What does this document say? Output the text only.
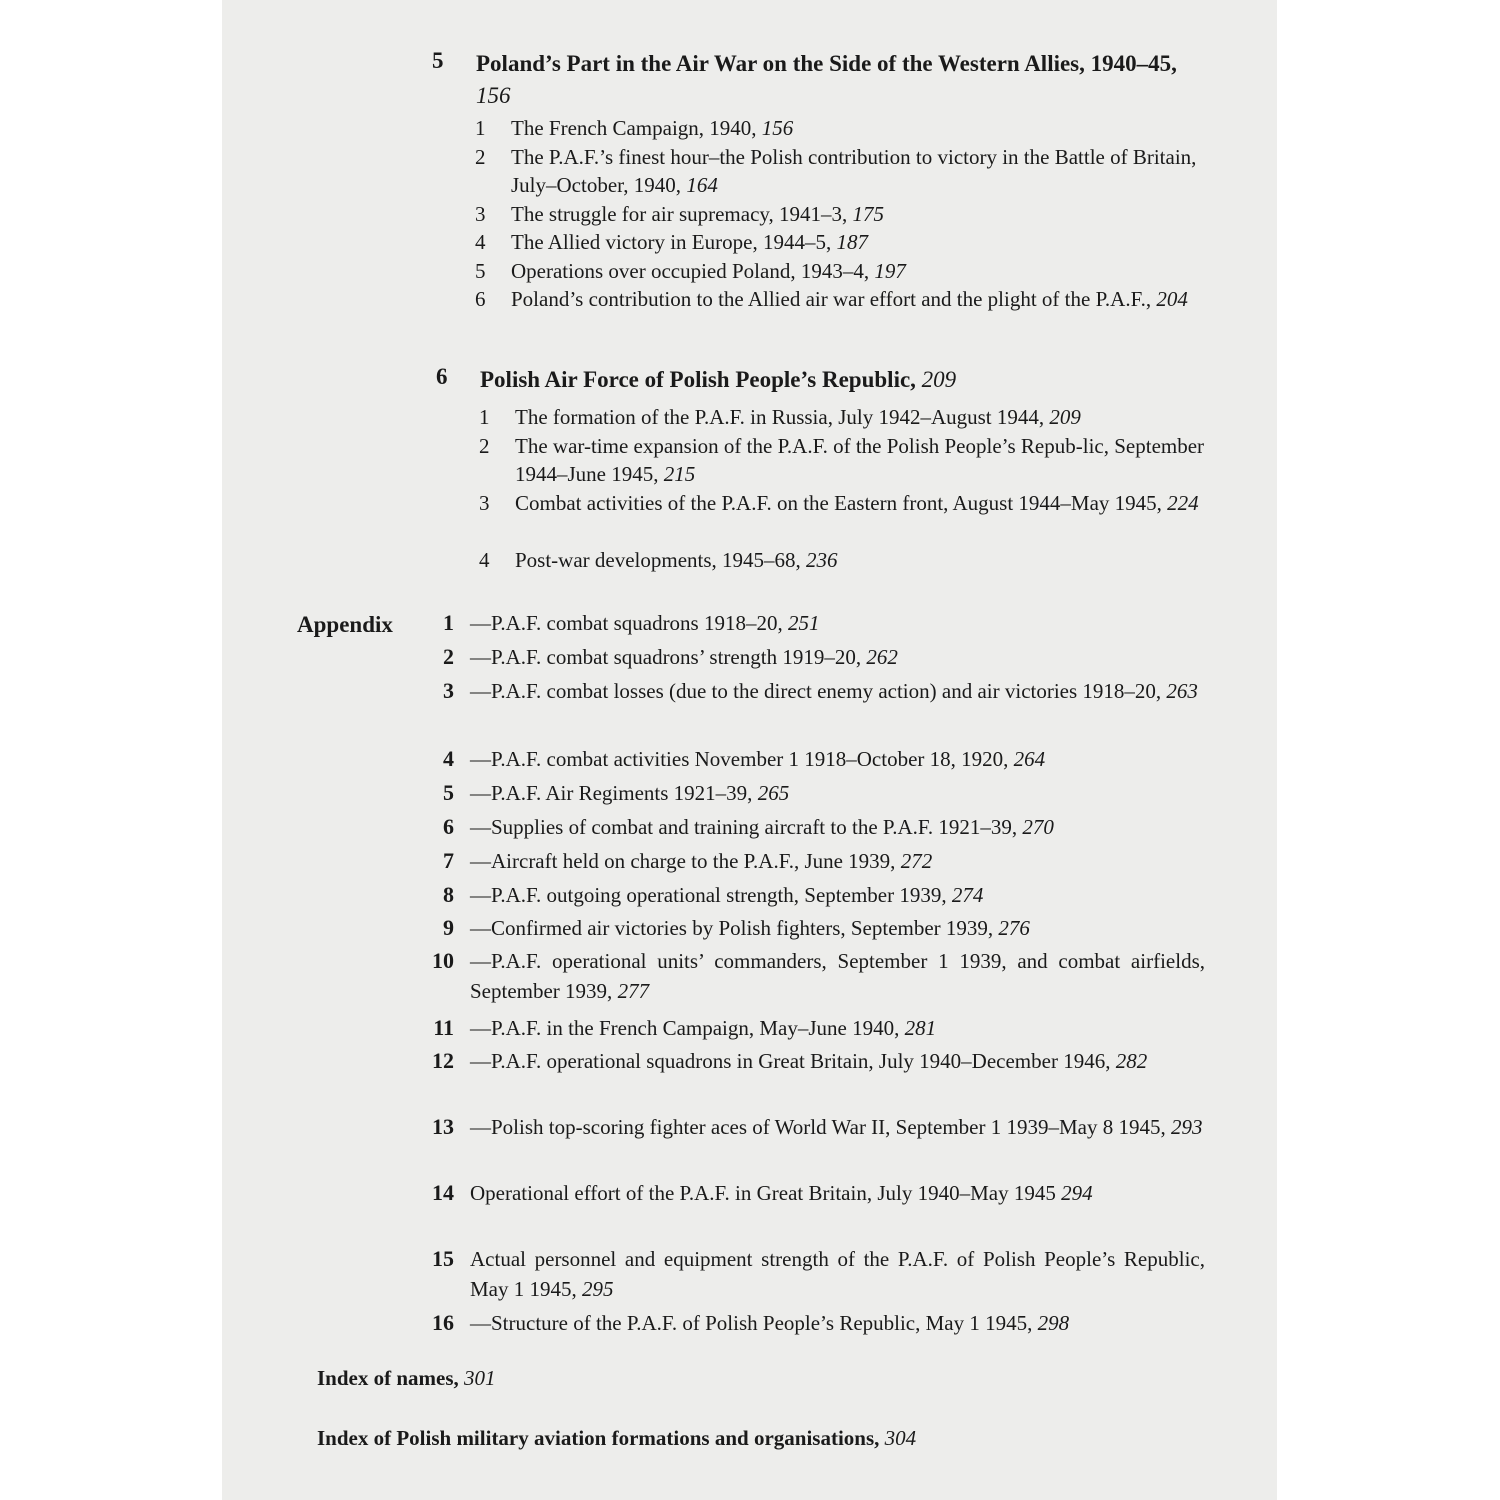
5 Poland’s Part in the Air War on the Side of the Western Allies, 1940–45, 156
1	The French Campaign, 1940, 156
2	The P.A.F.’s finest hour–the Polish contribution to victory in the Battle of Britain, July–October, 1940, 164
3	The struggle for air supremacy, 1941–3, 175
4	The Allied victory in Europe, 1944–5, 187
5	Operations over occupied Poland, 1943–4, 197
6	Poland’s contribution to the Allied air war effort and the plight of the P.A.F., 204
6 Polish Air Force of Polish People’s Republic, 209
1	The formation of the P.A.F. in Russia, July 1942–August 1944, 209
2	The war-time expansion of the P.A.F. of the Polish People’s Repub-lic, September 1944–June 1945, 215
3	Combat activities of the P.A.F. on the Eastern front, August 1944–May 1945, 224
4	Post-war developments, 1945–68, 236
Appendix	1 —P.A.F. combat squadrons 1918–20, 251
2 —P.A.F. combat squadrons’ strength 1919–20, 262
3 —P.A.F. combat losses (due to the direct enemy action) and air victories 1918–20, 263
4 —P.A.F. combat activities November 1 1918–October 18, 1920, 264
5 —P.A.F. Air Regiments 1921–39, 265
6 —Supplies of combat and training aircraft to the P.A.F. 1921–39, 270
7 —Aircraft held on charge to the P.A.F., June 1939, 272
8 —P.A.F. outgoing operational strength, September 1939, 274
9 —Confirmed air victories by Polish fighters, September 1939, 276
10 —P.A.F. operational units’ commanders, September 1 1939, and combat airfields, September 1939, 277
11 —P.A.F. in the French Campaign, May–June 1940, 281
12 —P.A.F. operational squadrons in Great Britain, July 1940–December 1946, 282
13 —Polish top-scoring fighter aces of World War II, September 1 1939–May 8 1945, 293
14 Operational effort of the P.A.F. in Great Britain, July 1940–May 1945 294
15 Actual personnel and equipment strength of the P.A.F. of Polish People’s Republic, May 1 1945, 295
16 —Structure of the P.A.F. of Polish People’s Republic, May 1 1945, 298
Index of names, 301
Index of Polish military aviation formations and organisations, 304
